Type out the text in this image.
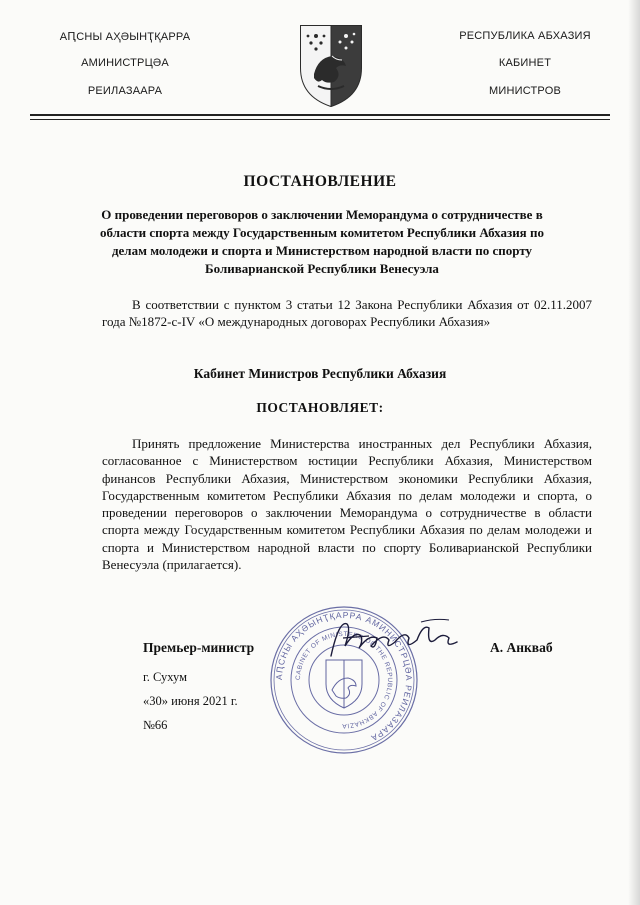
АԤСНЫ АҲӘЫНҬҚАРРА
АМИНИСТРЦӘА
РЕИЛАЗААРА
РЕСПУБЛИКА АБХАЗИЯ
КАБИНЕТ
МИНИСТРОВ
ПОСТАНОВЛЕНИЕ
О проведении переговоров о заключении Меморандума о сотрудничестве в области спорта между Государственным комитетом Республики Абхазия по делам молодежи и спорта и Министерством народной власти по спорту Боливарианской Республики Венесуэла
В соответствии с пунктом 3 статьи 12 Закона Республики Абхазия от 02.11.2007 года №1872-с-IV «О международных договорах Республики Абхазия»
Кабинет Министров Республики Абхазия
ПОСТАНОВЛЯЕТ:
Принять предложение Министерства иностранных дел Республики Абхазия, согласованное с Министерством юстиции Республики Абхазия, Министерством финансов Республики Абхазия, Министерством экономики Республики Абхазия, Государственным комитетом Республики Абхазия по делам молодежи и спорта, о проведении переговоров о заключении Меморандума о сотрудничестве в области спорта между Государственным комитетом Республики Абхазия по делам молодежи и спорта и Министерством народной власти по спорту Боливарианской Республики Венесуэла (прилагается).
АԤСНЫ АҲӘЫНҬҚАРРА АМИНИСТРЦӘА РЕИЛАЗААРА
CABINET OF MINISTERS OF THE REPUBLIC OF ABKHAZIA
Премьер-министр	А. Анкваб
г. Сухум
«30» июня 2021 г.
№66
